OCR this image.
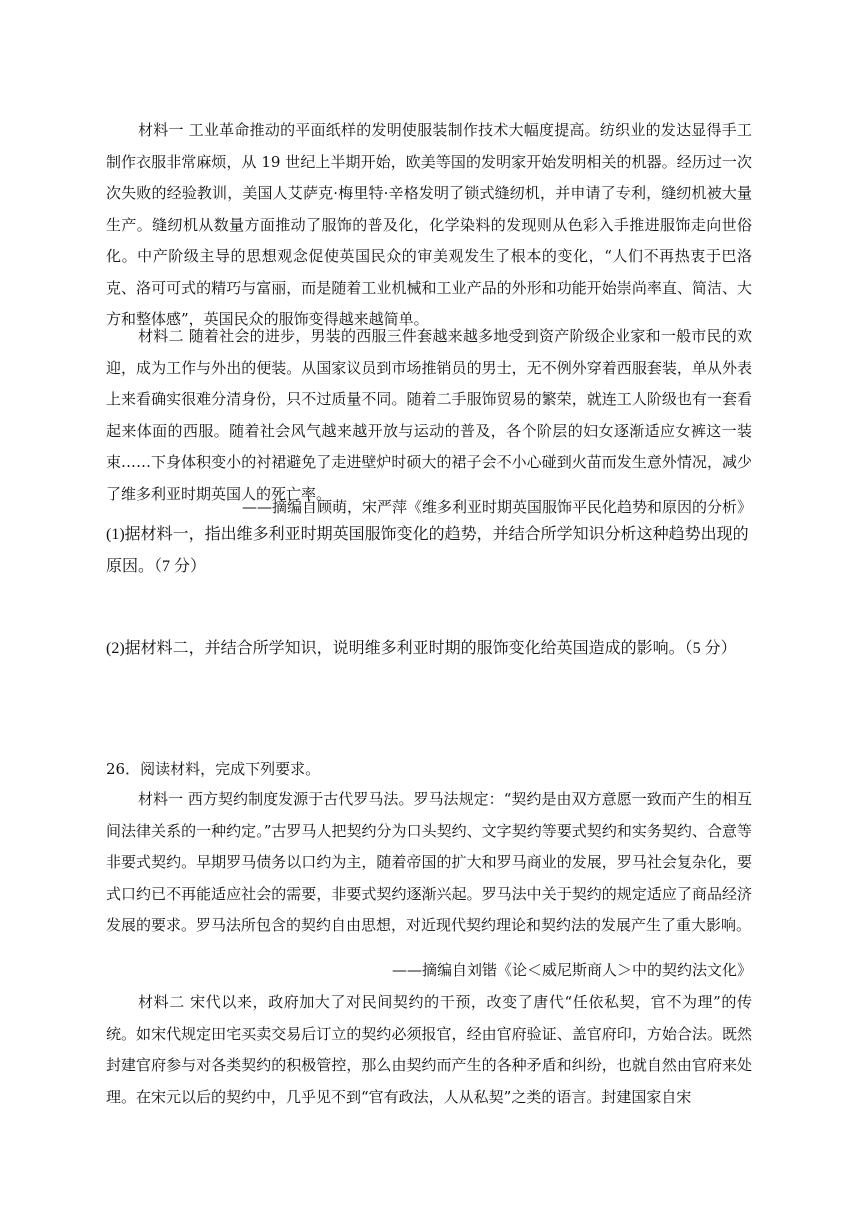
材料一 工业革命推动的平面纸样的发明使服装制作技术大幅度提高。纺织业的发达显得手工制作衣服非常麻烦，从 19 世纪上半期开始，欧美等国的发明家开始发明相关的机器。经历过一次次失败的经验教训，美国人艾萨克·梅里特·辛格发明了锁式缝纫机，并申请了专利，缝纫机被大量生产。缝纫机从数量方面推动了服饰的普及化，化学染料的发现则从色彩入手推进服饰走向世俗化。中产阶级主导的思想观念促使英国民众的审美观发生了根本的变化，“人们不再热衷于巴洛克、洛可可式的精巧与富丽，而是随着工业机械和工业产品的外形和功能开始崇尚率直、简洁、大方和整体感”，英国民众的服饰变得越来越简单。

材料二 随着社会的进步，男装的西服三件套越来越多地受到资产阶级企业家和一般市民的欢迎，成为工作与外出的便装。从国家议员到市场推销员的男士，无不例外穿着西服套装，单从外表上来看确实很难分清身份，只不过质量不同。随着二手服饰贸易的繁荣，就连工人阶级也有一套看起来体面的西服。随着社会风气越来越开放与运动的普及，各个阶层的妇女逐渐适应女裤这一装束……下身体积变小的衬裙避免了走进壁炉时硕大的裙子会不小心碰到火苗而发生意外情况，减少了维多利亚时期英国人的死亡率。

——摘编自顾萌，宋严萍《维多利亚时期英国服饰平民化趋势和原因的分析》

(1)据材料一，指出维多利亚时期英国服饰变化的趋势，并结合所学知识分析这种趋势出现的原因。（7 分）

(2)据材料二，并结合所学知识，说明维多利亚时期的服饰变化给英国造成的影响。（5 分）

26．阅读材料，完成下列要求。

材料一 西方契约制度发源于古代罗马法。罗马法规定：“契约是由双方意愿一致而产生的相互间法律关系的一种约定。”古罗马人把契约分为口头契约、文字契约等要式契约和实务契约、合意等非要式契约。早期罗马债务以口约为主，随着帝国的扩大和罗马商业的发展，罗马社会复杂化，要式口约已不再能适应社会的需要，非要式契约逐渐兴起。罗马法中关于契约的规定适应了商品经济发展的要求。罗马法所包含的契约自由思想，对近现代契约理论和契约法的发展产生了重大影响。

——摘编自刘锴《论＜威尼斯商人＞中的契约法文化》

材料二 宋代以来，政府加大了对民间契约的干预，改变了唐代“任依私契，官不为理”的传统。如宋代规定田宅买卖交易后订立的契约必须报官，经由官府验证、盖官府印，方始合法。既然封建官府参与对各类契约的积极管控，那么由契约而产生的各种矛盾和纠纷，也就自然由官府来处理。在宋元以后的契约中，几乎见不到“官有政法，人从私契”之类的语言。封建国家自宋
